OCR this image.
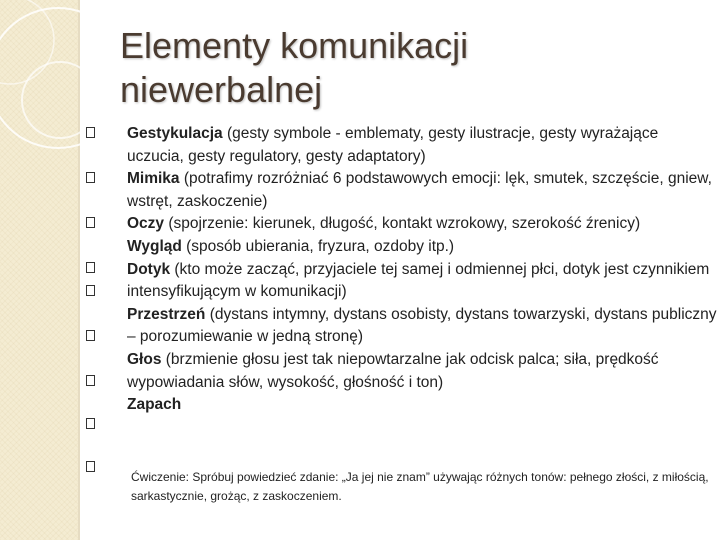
Elementy komunikacji
niewerbalnej

Gestykulacja (gesty symbole - emblematy, gesty ilustracje, gesty wyrażające uczucia, gesty regulatory, gesty adaptatory)

Mimika (potrafimy rozróżniać 6 podstawowych emocji: lęk, smutek, szczęście, gniew, wstręt, zaskoczenie)

Oczy (spojrzenie: kierunek, długość, kontakt wzrokowy, szerokość źrenicy)

Wygląd (sposób ubierania, fryzura, ozdoby itp.)

Dotyk (kto może zacząć, przyjaciele tej samej i odmiennej płci, dotyk jest czynnikiem intensyfikującym w komunikacji)

Przestrzeń (dystans intymny, dystans osobisty, dystans towarzyski, dystans publiczny – porozumiewanie w jedną stronę)

Głos (brzmienie głosu jest tak niepowtarzalne jak odcisk palca; siła, prędkość wypowiadania słów, wysokość, głośność i ton)

Zapach

Ćwiczenie: Spróbuj powiedzieć zdanie: „Ja jej nie znam” używając różnych tonów: pełnego złości, z miłością, sarkastycznie, grożąc, z zaskoczeniem.
